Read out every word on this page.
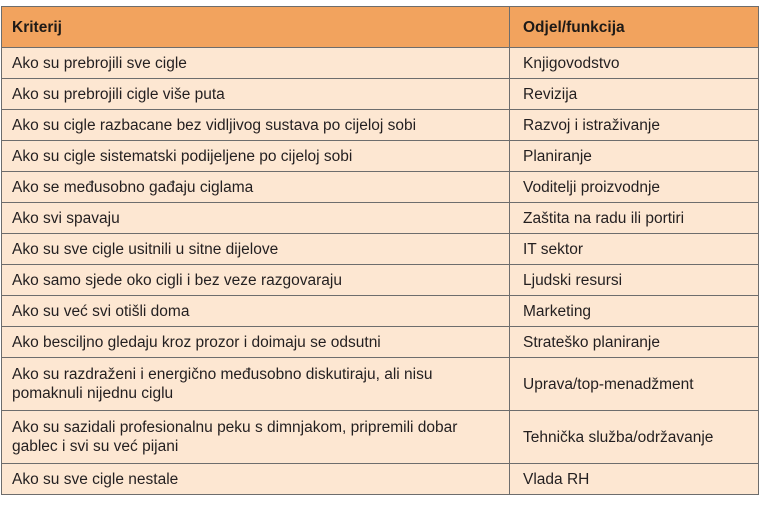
Kriterij	Odjel/funkcija
Ako su prebrojili sve cigle	Knjigovodstvo
Ako su prebrojili cigle više puta	Revizija
Ako su cigle razbacane bez vidljivog sustava po cijeloj sobi	Razvoj i istraživanje
Ako su cigle sistematski podijeljene po cijeloj sobi	Planiranje
Ako se međusobno gađaju ciglama	Voditelji proizvodnje
Ako svi spavaju	Zaštita na radu ili portiri
Ako su sve cigle usitnili u sitne dijelove	IT sektor
Ako samo sjede oko cigli i bez veze razgovaraju	Ljudski resursi
Ako su već svi otišli doma	Marketing
Ako besciljno gledaju kroz prozor i doimaju se odsutni	Strateško planiranje
Ako su razdraženi i energično međusobno diskutiraju, ali nisu pomaknuli nijednu ciglu	Uprava/top-menadžment
Ako su sazidali profesionalnu peku s dimnjakom, pripremili dobar gablec i svi su već pijani	Tehnička služba/održavanje
Ako su sve cigle nestale	Vlada RH
